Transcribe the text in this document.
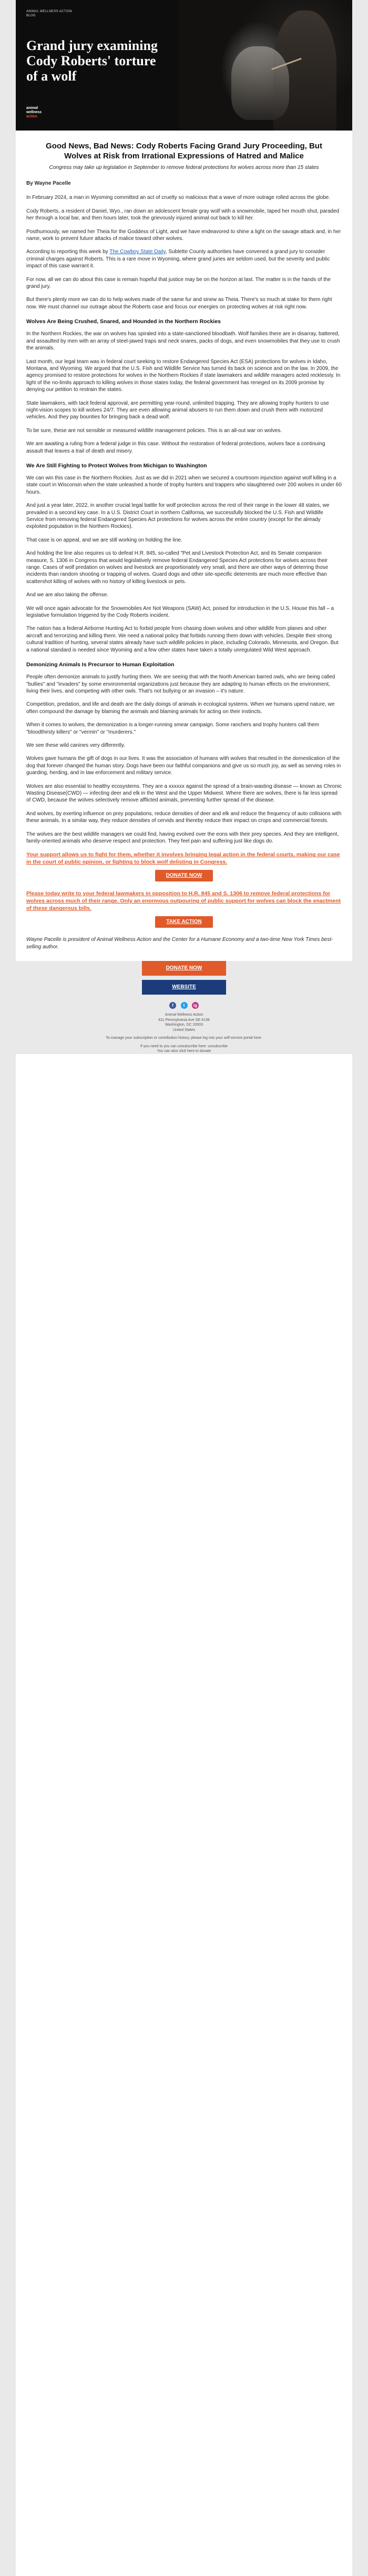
ANIMAL WELLNESS ACTION
BLOG
Grand jury examining Cody Roberts' torture of a wolf
animal
wellness
action
Good News, Bad News: Cody Roberts Facing Grand Jury Proceeding, But Wolves at Risk from Irrational Expressions of Hatred and Malice
Congress may take up legislation in September to remove federal protections for wolves across more than 15 states

By Wayne Pacelle

In February 2024, a man in Wyoming committed an act of cruelty so malicious that a wave of more outrage rolled across the globe.

Cody Roberts, a resident of Daniel, Wyo., ran down an adolescent female gray wolf with a snowmobile, taped her mouth shut, paraded her through a local bar, and then hours later, took the grievously injured animal out back to kill her.

Posthumously, we named her Theia for the Goddess of Light, and we have endeavored to shine a light on the savage attack and, in her name, work to prevent future attacks of malice toward other wolves.

According to reporting this week by The Cowboy State Daily, Sublette County authorities have convened a grand jury to consider criminal charges against Roberts. This is a rare move in Wyoming, where grand juries are seldom used, but the severity and public impact of this case warrant it.

For now, all we can do about this case is remain hopeful that justice may be on the horizon at last. The matter is in the hands of the grand jury.

But there's plenty more we can do to help wolves made of the same fur and sinew as Theia. There's so much at stake for them right now. We must channel our outrage about the Roberts case and focus our energies on protecting wolves at risk right now.

Wolves Are Being Crushed, Snared, and Hounded in the Northern Rockies

In the Northern Rockies, the war on wolves has spiraled into a state-sanctioned bloodbath. Wolf families there are in disarray, battered, and assaulted by men with an array of steel-jawed traps and neck snares, packs of dogs, and even snowmobiles that they use to crush the animals.

Last month, our legal team was in federal court seeking to restore Endangered Species Act (ESA) protections for wolves in Idaho, Montana, and Wyoming. We argued that the U.S. Fish and Wildlife Service has turned its back on science and on the law. In 2009, the agency promised to restore protections for wolves in the Northern Rockies if state lawmakers and wildlife managers acted recklessly. In light of the no-limits approach to killing wolves in those states today, the federal government has reneged on its 2009 promise by denying our petition to restrain the states.

State lawmakers, with tacit federal approval, are permitting year-round, unlimited trapping. They are allowing trophy hunters to use night-vision scopes to kill wolves 24/7. They are even allowing animal abusers to run them down and crush them with motorized vehicles. And they pay bounties for bringing back a dead wolf.

To be sure, these are not sensible or measured wildlife management policies. This is an all-out war on wolves.

We are awaiting a ruling from a federal judge in this case. Without the restoration of federal protections, wolves face a continuing assault that leaves a trail of death and misery.

We Are Still Fighting to Protect Wolves from Michigan to Washington

We can win this case in the Northern Rockies. Just as we did in 2021 when we secured a courtroom injunction against wolf killing in a state court in Wisconsin when the state unleashed a horde of trophy hunters and trappers who slaughtered over 200 wolves in under 60 hours.

And just a year later, 2022, in another crucial legal battle for wolf protection across the rest of their range in the lower 48 states, we prevailed in a second key case. In a U.S. District Court in northern California, we successfully blocked the U.S. Fish and Wildlife Service from removing federal Endangered Species Act protections for wolves across the entire country (except for the already exploited population in the Northern Rockies).

That case is on appeal, and we are still working on holding the line.

And holding the line also requires us to defeat H.R. 845, so-called "Pet and Livestock Protection Act, and its Senate companion measure, S. 1306 in Congress that would legislatively remove federal Endangered Species Act protections for wolves across their range. Cases of wolf predation on wolves and livestock are proportionately very small, and there are other ways of deterring those incidents than random shooting or trapping of wolves. Guard dogs and other site-specific deterrents are much more effective than scattershot killing of wolves with no history of killing livestock or pets.

And we are also taking the offense.

We will once again advocate for the Snowmobiles Are Not Weapons (SAW) Act, poised for introduction in the U.S. House this fall – a legislative formulation triggered by the Cody Roberts incident.

The nation has a federal Airborne Hunting Act to forbid people from chasing down wolves and other wildlife from planes and other aircraft and terrorizing and killing them. We need a national policy that forbids running them down with vehicles. Despite their strong cultural tradition of hunting, several states already have such wildlife policies in place, including Colorado, Minnesota, and Oregon. But a national standard is needed since Wyoming and a few other states have taken a totally unregulated Wild West approach.

Demonizing Animals Is Precursor to Human Exploitation

People often demonize animals to justify hurting them. We are seeing that with the North American barred owls, who are being called "bullies" and "invaders" by some environmental organizations just because they are adapting to human effects on the environment, living their lives, and competing with other owls. That's not bullying or an invasion – it's nature.

Competition, predation, and life and death are the daily doings of animals in ecological systems. When we humans upend nature, we often compound the damage by blaming the animals and blaming animals for acting on their instincts.

When it comes to wolves, the demonization is a longer-running smear campaign. Some ranchers and trophy hunters call them "bloodthirsty killers" or "vermin" or "murderers."

We see these wild canines very differently.

Wolves gave humans the gift of dogs in our lives. It was the association of humans with wolves that resulted in the domestication of the dog that forever changed the human story. Dogs have been our faithful companions and give us so much joy, as well as serving roles in guarding, herding, and in law enforcement and military service.

Wolves are also essential to healthy ecosystems. They are a xxxxxx against the spread of a brain-wasting disease — known as Chronic Wasting Disease(CWD) — infecting deer and elk in the West and the Upper Midwest. Where there are wolves, there is far less spread of CWD, because the wolves selectively remove afflicted animals, preventing further spread of the disease.

And wolves, by exerting influence on prey populations, reduce densities of deer and elk and reduce the frequency of auto collisions with these animals. In a similar way, they reduce densities of cervids and thereby reduce their impact on crops and commercial forests.

The wolves are the best wildlife managers we could find, having evolved over the eons with their prey species. And they are intelligent, family-oriented animals who deserve respect and protection. They feel pain and suffering just like dogs do.

Your support allows us to fight for them, whether it involves bringing legal action in the federal courts, making our case in the court of public opinion, or fighting to block wolf delisting in Congress.

DONATE NOW

Please today write to your federal lawmakers in opposition to H.R. 845 and S. 1306 to remove federal protections for wolves across much of their range. Only an enormous outpouring of public support for wolves can block the enactment of these dangerous bills.

TAKE ACTION

Wayne Pacelle is president of Animal Wellness Action and the Center for a Humane Economy and a two-time New York Times best-selling author.

DONATE NOW
WEBSITE
f t ig
Animal Wellness Action
611 Pennsylvania Ave SE #138
Washington, DC 20003
United States
To manage your subscription or contribution history, please log into your self-service portal here.
If you need to you can unsubscribe here: unsubscribe
You can also click here to donate
